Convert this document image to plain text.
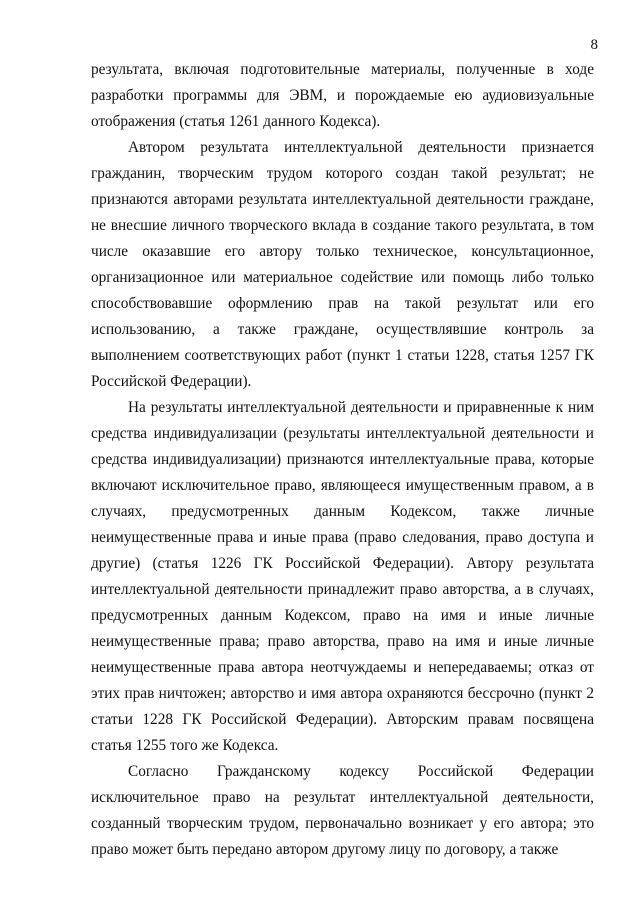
8

результата, включая подготовительные материалы, полученные в ходе разработки программы для ЭВМ, и порождаемые ею аудиовизуальные отображения (статья 1261 данного Кодекса).

Автором результата интеллектуальной деятельности признается гражданин, творческим трудом которого создан такой результат; не признаются авторами результата интеллектуальной деятельности граждане, не внесшие личного творческого вклада в создание такого результата, в том числе оказавшие его автору только техническое, консультационное, организационное или материальное содействие или помощь либо только способствовавшие оформлению прав на такой результат или его использованию, а также граждане, осуществлявшие контроль за выполнением соответствующих работ (пункт 1 статьи 1228, статья 1257 ГК Российской Федерации).

На результаты интеллектуальной деятельности и приравненные к ним средства индивидуализации (результаты интеллектуальной деятельности и средства индивидуализации) признаются интеллектуальные права, которые включают исключительное право, являющееся имущественным правом, а в случаях, предусмотренных данным Кодексом, также личные неимущественные права и иные права (право следования, право доступа и другие) (статья 1226 ГК Российской Федерации). Автору результата интеллектуальной деятельности принадлежит право авторства, а в случаях, предусмотренных данным Кодексом, право на имя и иные личные неимущественные права; право авторства, право на имя и иные личные неимущественные права автора неотчуждаемы и непередаваемы; отказ от этих прав ничтожен; авторство и имя автора охраняются бессрочно (пункт 2 статьи 1228 ГК Российской Федерации). Авторским правам посвящена статья 1255 того же Кодекса.

Согласно Гражданскому кодексу Российской Федерации исключительное право на результат интеллектуальной деятельности, созданный творческим трудом, первоначально возникает у его автора; это право может быть передано автором другому лицу по договору, а также
